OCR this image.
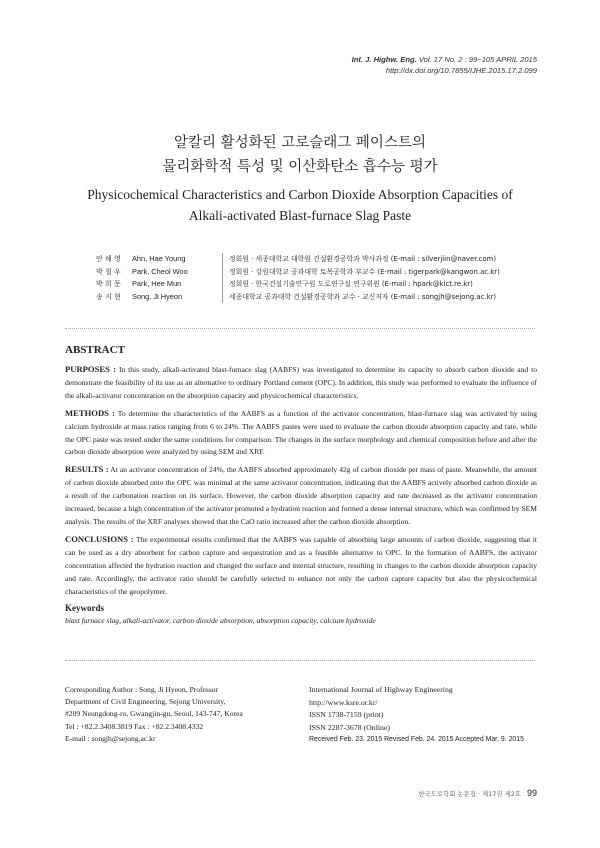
Int. J. Highw. Eng. Vol. 17 No. 2 : 99~105 APRIL 2015
http://dx.doi.org/10.7855/IJHE.2015.17.2.099
알칼리 활성화된 고로슬래그 페이스트의
물리화학적 특성 및 이산화탄소 흡수능 평가
Physicochemical Characteristics and Carbon Dioxide Absorption Capacities of
Alkali-activated Blast-furnace Slag Paste
안 해 영	Ahn, Hae Young	정회원 · 세종대학교 대학원 건설환경공학과 박사과정 (E-mail : silverjiin@naver.com)
박 철 우	Park, Cheol Woo	정회원 · 강원대학교 공과대학 토목공학과 부교수 (E-mail : tigerpark@kangwon.ac.kr)
박 희 문	Park, Hee Mun	정회원 · 한국건설기술연구원 도로연구실 연구위원 (E-mail : hpark@kict.re.kr)
송 지 현	Song, Ji Hyeon	세종대학교 공과대학 건설환경공학과 교수 · 교신저자 (E-mail : songjh@sejong.ac.kr)
ABSTRACT

PURPOSES : In this study, alkali-activated blast-furnace slag (AABFS) was investigated to determine its capacity to absorb carbon dioxide and to demonstrate the feasibility of its use as an alternative to ordinary Portland cement (OPC). In addition, this study was performed to evaluate the influence of the alkali-activator concentration on the absorption capacity and physicochemical characteristics.

METHODS : To determine the characteristics of the AABFS as a function of the activator concentration, blast-furnace slag was activated by using calcium hydroxide at mass ratios ranging from 6 to 24%. The AABFS pastes were used to evaluate the carbon dioxide absorption capacity and rate, while the OPC paste was tested under the same conditions for comparison. The changes in the surface morphology and chemical composition before and after the carbon dioxide absorption were analyzed by using SEM and XRF.

RESULTS : At an activator concentration of 24%, the AABFS absorbed approximately 42g of carbon dioxide per mass of paste. Meanwhile, the amount of carbon dioxide absorbed onto the OPC was minimal at the same activator concentration, indicating that the AABFS actively absorbed carbon dioxide as a result of the carbonation reaction on its surface. However, the carbon dioxide absorption capacity and rate decreased as the activator concentration increased, because a high concentration of the activator promoted a hydration reaction and formed a dense internal structure, which was confirmed by SEM analysis. The results of the XRF analyses showed that the CaO ratio increased after the carbon dioxide absorption.

CONCLUSIONS : The experimental results confirmed that the AABFS was capable of absorbing large amounts of carbon dioxide, suggesting that it can be used as a dry absorbent for carbon capture and sequestration and as a feasible alternative to OPC. In the formation of AABFS, the activator concentration affected the hydration reaction and changed the surface and internal structure, resulting in changes to the carbon dioxide absorption capacity and rate. Accordingly, the activator ratio should be carefully selected to enhance not only the carbon capture capacity but also the physicochemical characteristics of the geopolymer.

Keywords

blast furnace slag, alkali-activator, carbon dioxide absorption, absorption capacity, calcium hydroxide

Corresponding Author : Song, Ji Hyeon, Professor
Department of Civil Engineering, Sejong University,
#209 Neungdong-ro, Gwangjin-gu, Seoul, 143-747, Korea
Tel : +82.2.3408.3819 Fax : +82.2.3408.4332
E-mail : songjh@sejong.ac.kr
International Journal of Highway Engineering
http://www.ksre.or.kr/
ISSN 1738-7159 (print)
ISSN 2287-3678 (Online)
Received Feb. 23. 2015 Revised Feb. 24. 2015 Accepted Mar. 9. 2015
한국도로학회 논문집 · 제17권 제2호 99
